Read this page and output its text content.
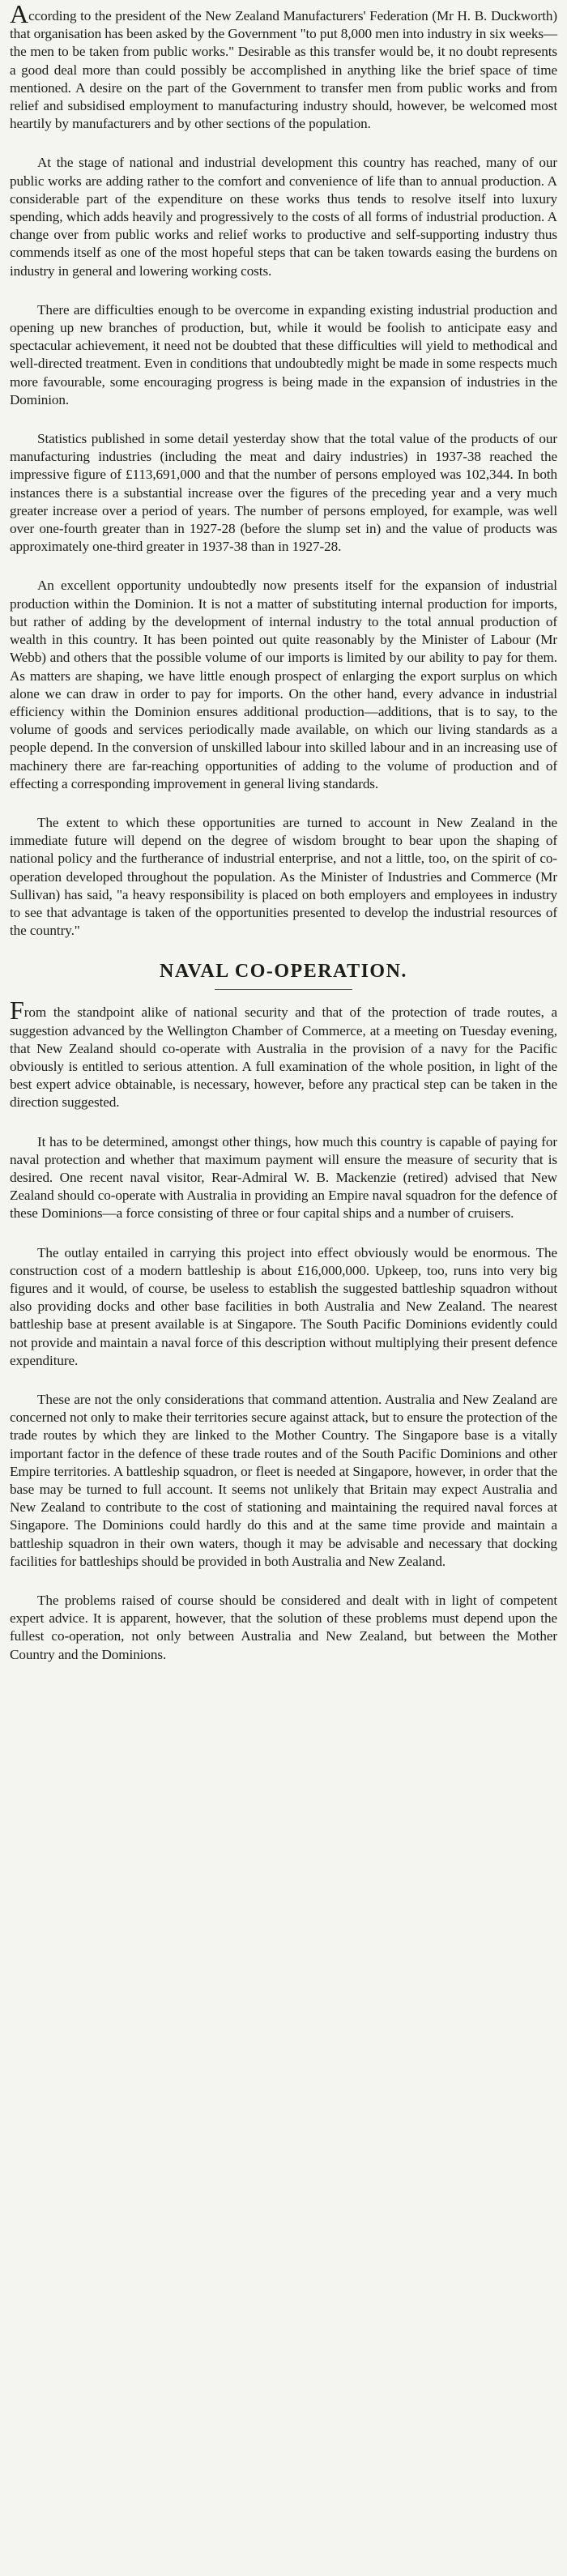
According to the president of the New Zealand Manufacturers' Federation (Mr H. B. Duckworth) that organisation has been asked by the Government "to put 8,000 men into industry in six weeks—the men to be taken from public works." Desirable as this transfer would be, it no doubt represents a good deal more than could possibly be accomplished in anything like the brief space of time mentioned. A desire on the part of the Government to transfer men from public works and from relief and subsidised employment to manufacturing industry should, however, be welcomed most heartily by manufacturers and by other sections of the population.

At the stage of national and industrial development this country has reached, many of our public works are adding rather to the comfort and convenience of life than to annual production. A considerable part of the expenditure on these works thus tends to resolve itself into luxury spending, which adds heavily and progressively to the costs of all forms of industrial production. A change over from public works and relief works to productive and self-supporting industry thus commends itself as one of the most hopeful steps that can be taken towards easing the burdens on industry in general and lowering working costs.

There are difficulties enough to be overcome in expanding existing industrial production and opening up new branches of production, but, while it would be foolish to anticipate easy and spectacular achievement, it need not be doubted that these difficulties will yield to methodical and well-directed treatment. Even in conditions that undoubtedly might be made in some respects much more favourable, some encouraging progress is being made in the expansion of industries in the Dominion.

Statistics published in some detail yesterday show that the total value of the products of our manufacturing industries (including the meat and dairy industries) in 1937-38 reached the impressive figure of £113,691,000 and that the number of persons employed was 102,344. In both instances there is a substantial increase over the figures of the preceding year and a very much greater increase over a period of years. The number of persons employed, for example, was well over one-fourth greater than in 1927-28 (before the slump set in) and the value of products was approximately one-third greater in 1937-38 than in 1927-28.

An excellent opportunity undoubtedly now presents itself for the expansion of industrial production within the Dominion. It is not a matter of substituting internal production for imports, but rather of adding by the development of internal industry to the total annual production of wealth in this country. It has been pointed out quite reasonably by the Minister of Labour (Mr Webb) and others that the possible volume of our imports is limited by our ability to pay for them. As matters are shaping, we have little enough prospect of enlarging the export surplus on which alone we can draw in order to pay for imports. On the other hand, every advance in industrial efficiency within the Dominion ensures additional production—additions, that is to say, to the volume of goods and services periodically made available, on which our living standards as a people depend. In the conversion of unskilled labour into skilled labour and in an increasing use of machinery there are far-reaching opportunities of adding to the volume of production and of effecting a corresponding improvement in general living standards.

The extent to which these opportunities are turned to account in New Zealand in the immediate future will depend on the degree of wisdom brought to bear upon the shaping of national policy and the furtherance of industrial enterprise, and not a little, too, on the spirit of co-operation developed throughout the population. As the Minister of Industries and Commerce (Mr Sullivan) has said, "a heavy responsibility is placed on both employers and employees in industry to see that advantage is taken of the opportunities presented to develop the industrial resources of the country."

NAVAL CO-OPERATION.

From the standpoint alike of national security and that of the protection of trade routes, a suggestion advanced by the Wellington Chamber of Commerce, at a meeting on Tuesday evening, that New Zealand should co-operate with Australia in the provision of a navy for the Pacific obviously is entitled to serious attention. A full examination of the whole position, in light of the best expert advice obtainable, is necessary, however, before any practical step can be taken in the direction suggested.

It has to be determined, amongst other things, how much this country is capable of paying for naval protection and whether that maximum payment will ensure the measure of security that is desired. One recent naval visitor, Rear-Admiral W. B. Mackenzie (retired) advised that New Zealand should co-operate with Australia in providing an Empire naval squadron for the defence of these Dominions—a force consisting of three or four capital ships and a number of cruisers.

The outlay entailed in carrying this project into effect obviously would be enormous. The construction cost of a modern battleship is about £16,000,000. Upkeep, too, runs into very big figures and it would, of course, be useless to establish the suggested battleship squadron without also providing docks and other base facilities in both Australia and New Zealand. The nearest battleship base at present available is at Singapore. The South Pacific Dominions evidently could not provide and maintain a naval force of this description without multiplying their present defence expenditure.

These are not the only considerations that command attention. Australia and New Zealand are concerned not only to make their territories secure against attack, but to ensure the protection of the trade routes by which they are linked to the Mother Country. The Singapore base is a vitally important factor in the defence of these trade routes and of the South Pacific Dominions and other Empire territories. A battleship squadron, or fleet is needed at Singapore, however, in order that the base may be turned to full account. It seems not unlikely that Britain may expect Australia and New Zealand to contribute to the cost of stationing and maintaining the required naval forces at Singapore. The Dominions could hardly do this and at the same time provide and maintain a battleship squadron in their own waters, though it may be advisable and necessary that docking facilities for battleships should be provided in both Australia and New Zealand.

The problems raised of course should be considered and dealt with in light of competent expert advice. It is apparent, however, that the solution of these problems must depend upon the fullest co-operation, not only between Australia and New Zealand, but between the Mother Country and the Dominions.
